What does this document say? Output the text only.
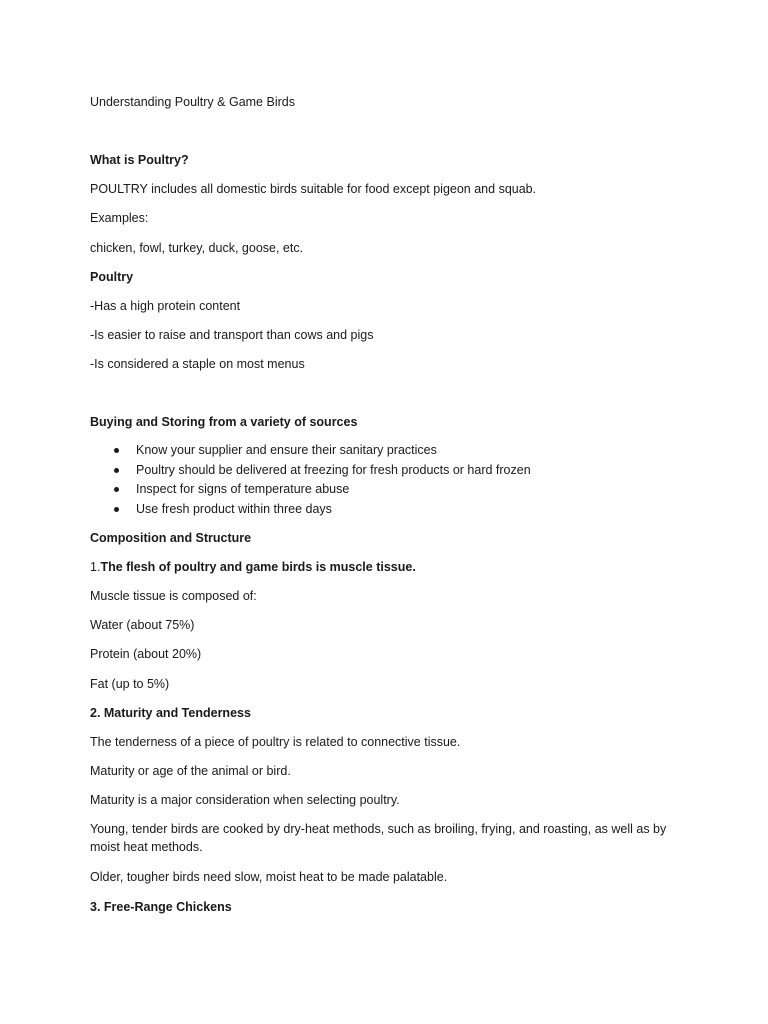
Understanding Poultry & Game Birds

What is Poultry?

POULTRY includes all domestic birds suitable for food except pigeon and squab.

Examples:

chicken, fowl, turkey, duck, goose, etc.

Poultry

-Has a high protein content

-Is easier to raise and transport than cows and pigs

-Is considered a staple on most menus

Buying and Storing from a variety of sources

Know your supplier and ensure their sanitary practices
Poultry should be delivered at freezing for fresh products or hard frozen
Inspect for signs of temperature abuse
Use fresh product within three days

Composition and Structure

1.The flesh of poultry and game birds is muscle tissue.

Muscle tissue is composed of:

Water (about 75%)

Protein (about 20%)

Fat (up to 5%)

2. Maturity and Tenderness

The tenderness of a piece of poultry is related to connective tissue.

Maturity or age of the animal or bird.

Maturity is a major consideration when selecting poultry.

Young, tender birds are cooked by dry-heat methods, such as broiling, frying, and roasting, as well as by moist heat methods.

Older, tougher birds need slow, moist heat to be made palatable.

3. Free-Range Chickens
